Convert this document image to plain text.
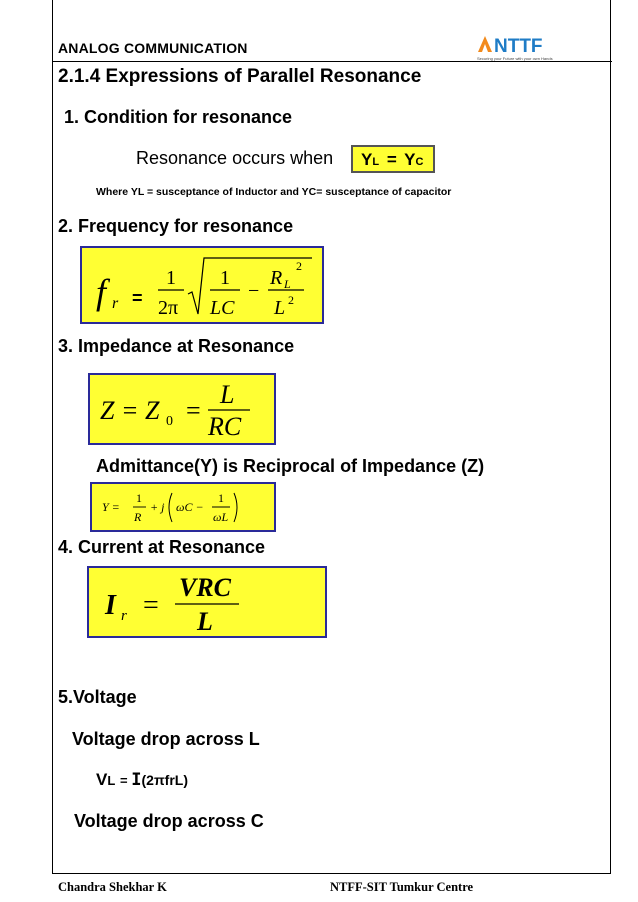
ANALOG COMMUNICATION	NTTF
Securing your Future with your own Hands
2.1.4 Expressions of Parallel Resonance
1. Condition for resonance
Resonance occurs when	YL = YC
Where YL = susceptance of Inductor and YC= susceptance of capacitor
2. Frequency for resonance
f r =
1
2π
1
LC
−
R L
2
L 2
3. Impedance at Resonance
Z = Z 0 =
L
RC
Admittance(Y) is Reciprocal of Impedance (Z)
Y =
1
R
+ j ωC −
1
ωL
4. Current at Resonance
I r =
VRC
L
5.Voltage
Voltage drop across L
VL = I(2πfrL)
Voltage drop across C
Chandra Shekhar K	NTFF-SIT Tumkur Centre
